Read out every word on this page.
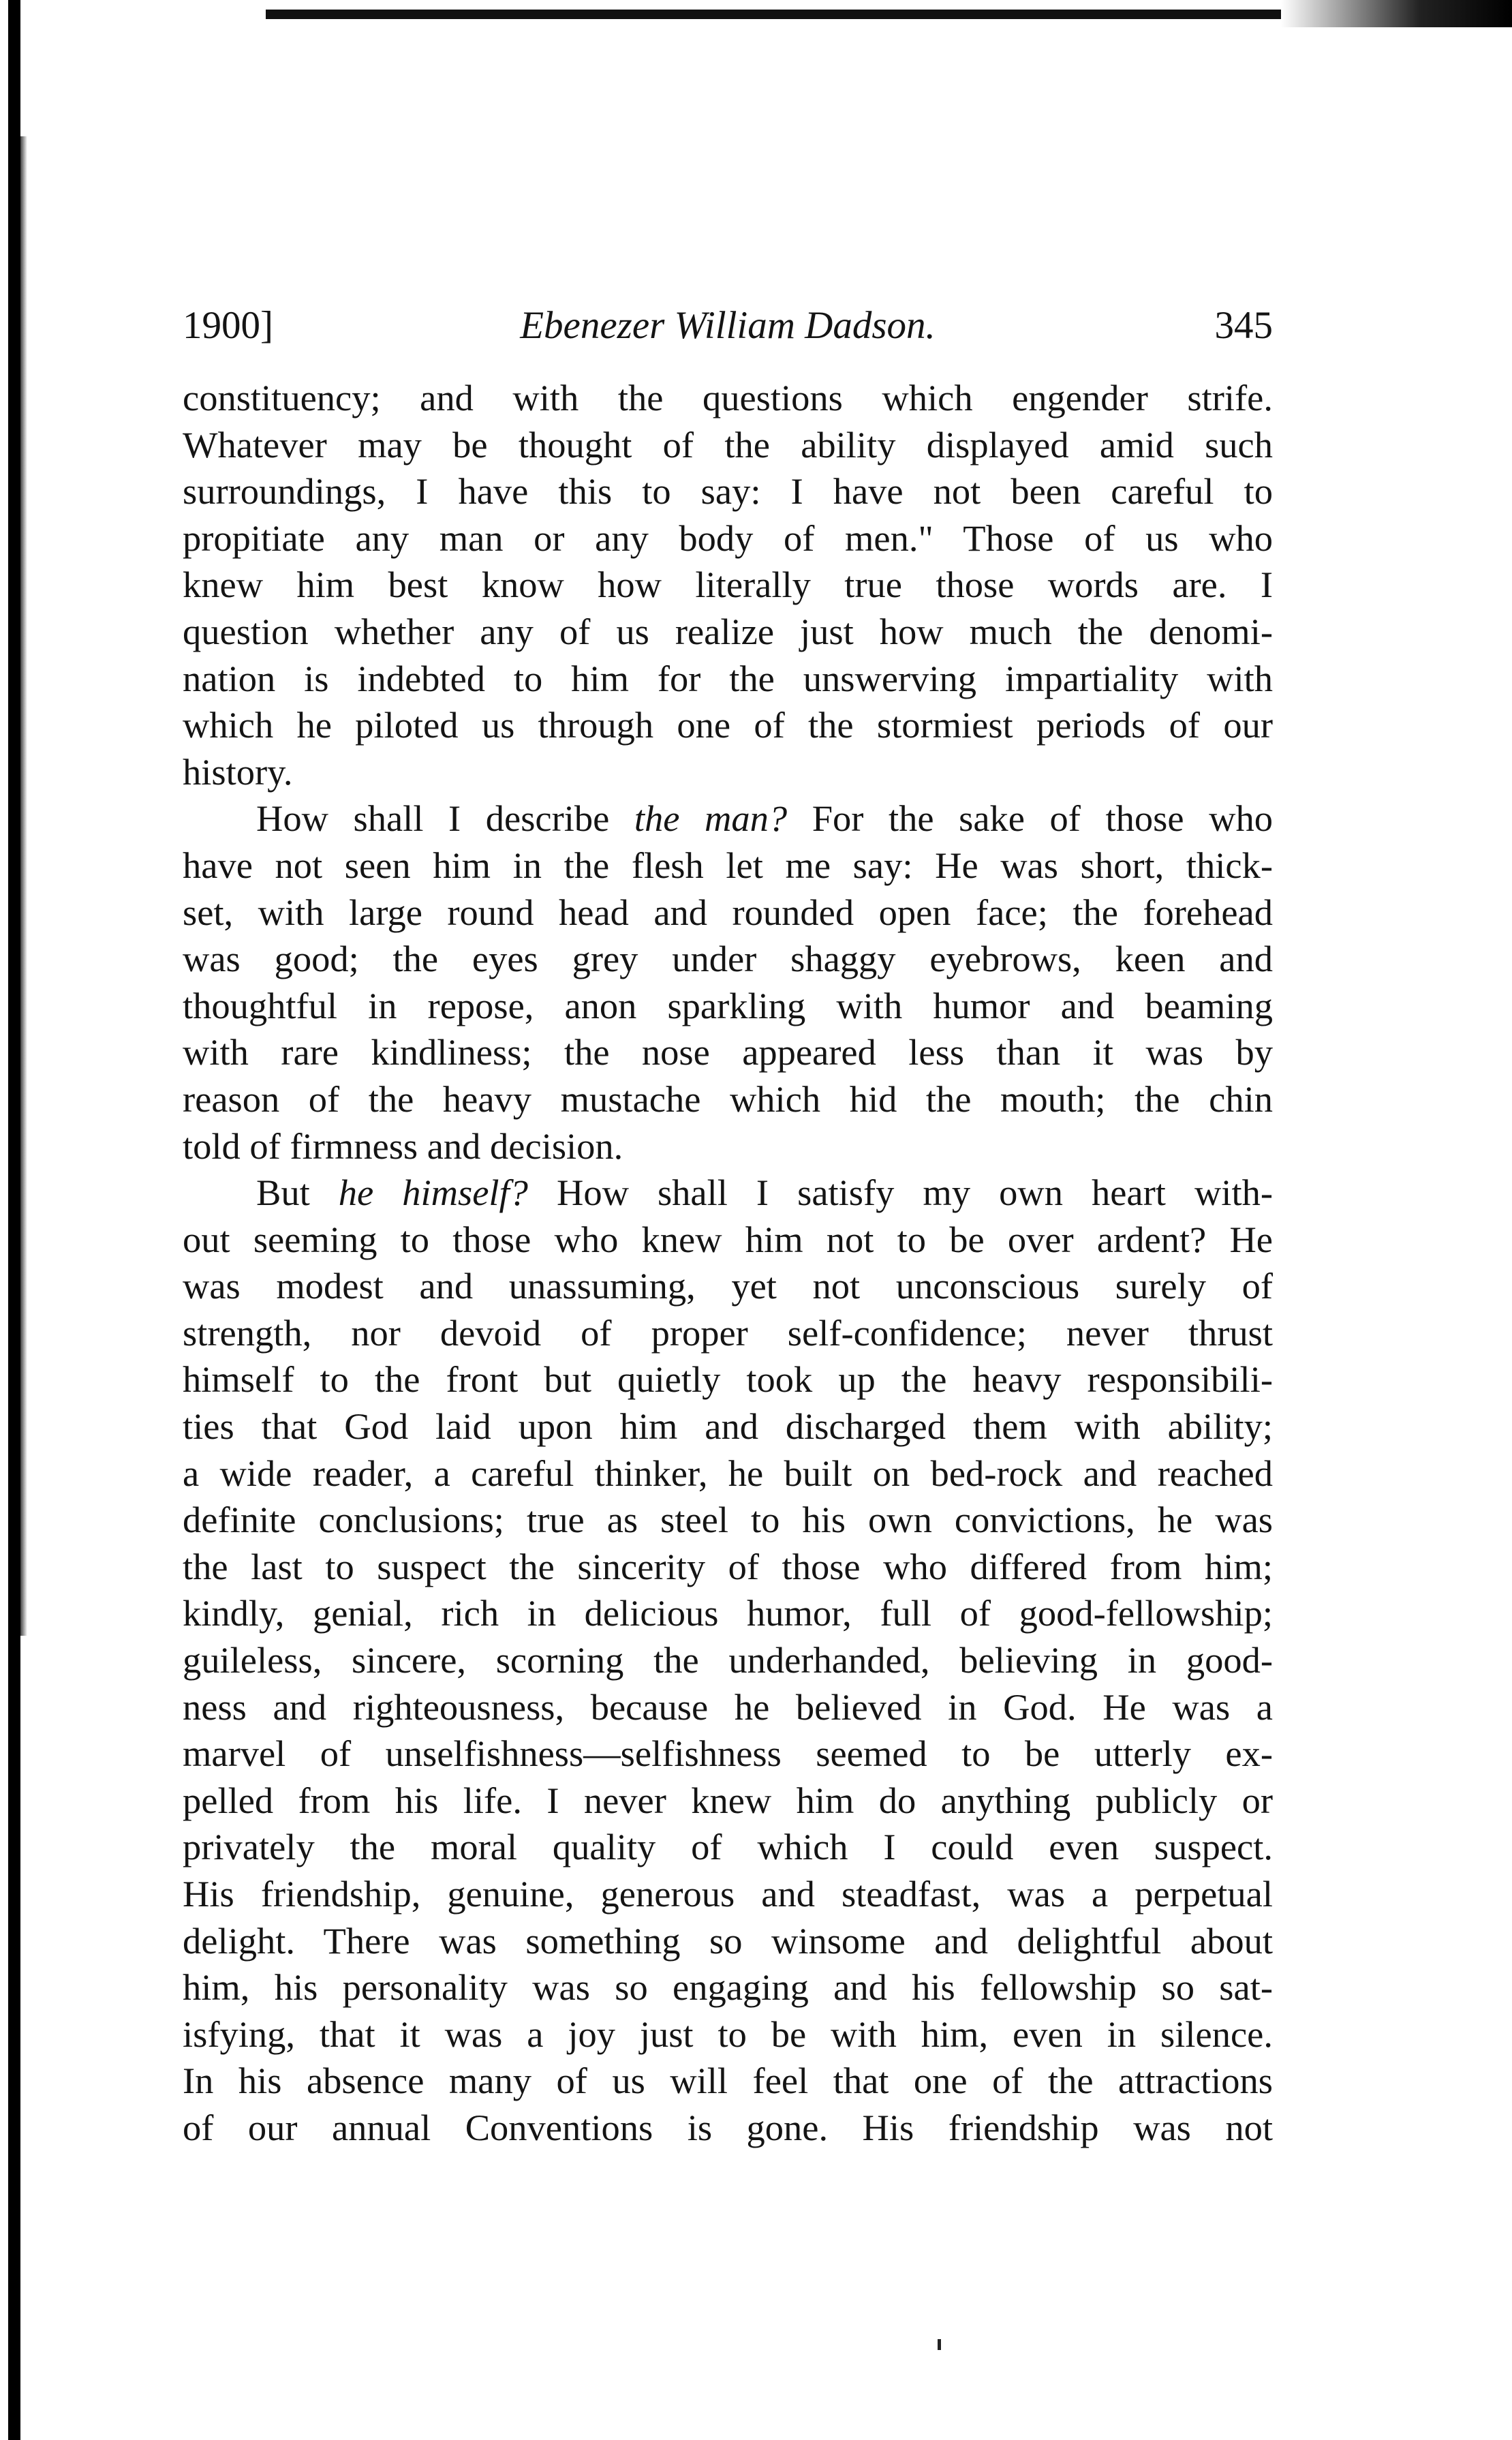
1900]	Ebenezer William Dadson.	345
constituency; and with the questions which engender strife.
Whatever may be thought of the ability displayed amid such
surroundings, I have this to say: I have not been careful to
propitiate any man or any body of men." Those of us who
knew him best know how literally true those words are. I
question whether any of us realize just how much the denomi-
nation is indebted to him for the unswerving impartiality with
which he piloted us through one of the stormiest periods of our
history.
How shall I describe the man? For the sake of those who
have not seen him in the flesh let me say: He was short, thick-
set, with large round head and rounded open face; the forehead
was good; the eyes grey under shaggy eyebrows, keen and
thoughtful in repose, anon sparkling with humor and beaming
with rare kindliness; the nose appeared less than it was by
reason of the heavy mustache which hid the mouth; the chin
told of firmness and decision.
But he himself? How shall I satisfy my own heart with-
out seeming to those who knew him not to be over ardent? He
was modest and unassuming, yet not unconscious surely of
strength, nor devoid of proper self-confidence; never thrust
himself to the front but quietly took up the heavy responsibili-
ties that God laid upon him and discharged them with ability;
a wide reader, a careful thinker, he built on bed-rock and reached
definite conclusions; true as steel to his own convictions, he was
the last to suspect the sincerity of those who differed from him;
kindly, genial, rich in delicious humor, full of good-fellowship;
guileless, sincere, scorning the underhanded, believing in good-
ness and righteousness, because he believed in God. He was a
marvel of unselfishness—selfishness seemed to be utterly ex-
pelled from his life. I never knew him do anything publicly or
privately the moral quality of which I could even suspect.
His friendship, genuine, generous and steadfast, was a perpetual
delight. There was something so winsome and delightful about
him, his personality was so engaging and his fellowship so sat-
isfying, that it was a joy just to be with him, even in silence.
In his absence many of us will feel that one of the attractions
of our annual Conventions is gone. His friendship was not
